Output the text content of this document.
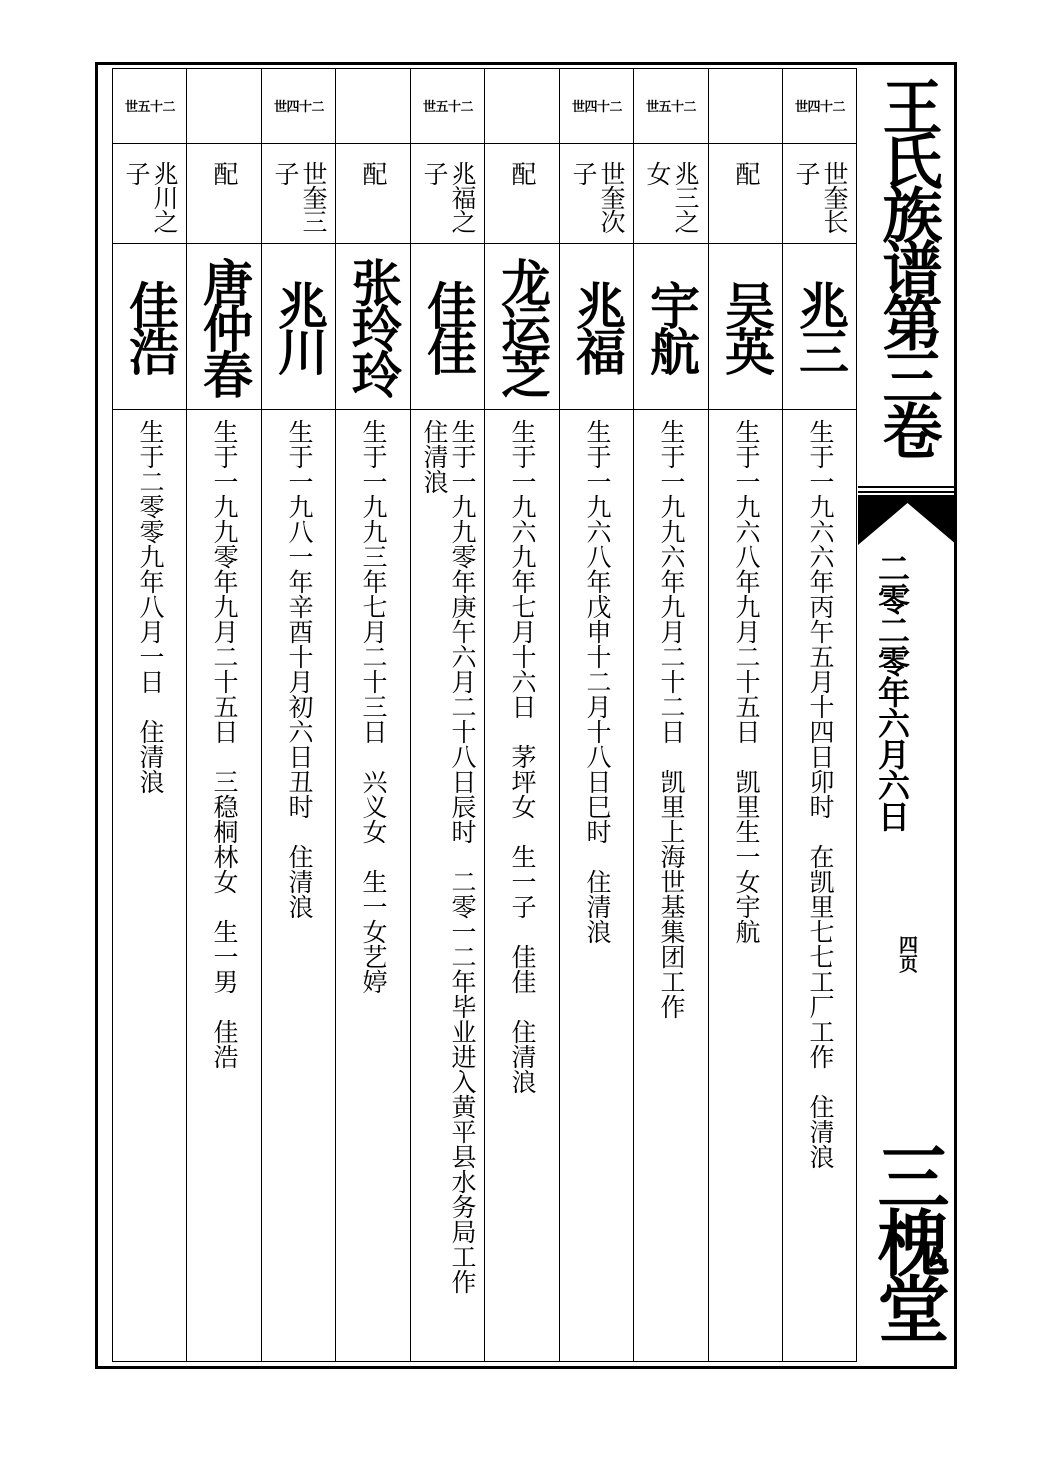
二十四世
世奎长子
兆三
生于一九六六年丙午五月十四日卯时　在凯里七七工厂工作　住清浪
配
吴英
生于一九六八年九月二十五日　凯里生一女宇航
二十五世
兆三之女
宇航
生于一九九六年九月二十二日　凯里上海世基集团工作
二十四世
世奎次子
兆福
生于一九六八年戊申十二月十八日巳时　住清浪
配
龙运芝
生于一九六九年七月十六日　茅坪女　生一子　佳佳　住清浪
二十五世
兆福之子
佳佳
生于一九九零年庚午六月二十八日辰时　二零一二年毕业进入黄平县水务局工作　住清浪
配
张玲玲
生于一九九三年七月二十三日　兴义女　生一女艺婷
二十四世
世奎三子
兆川
生于一九八一年辛酉十月初六日丑时　住清浪
配
唐仲春
生于一九九零年九月二十五日　三稳桐林女　生一男　佳浩
二十五世
兆川之子
佳浩
生于二零零九年八月一日　住清浪
王氏族谱第三卷
二零二零年六月六日
四页
三槐堂
